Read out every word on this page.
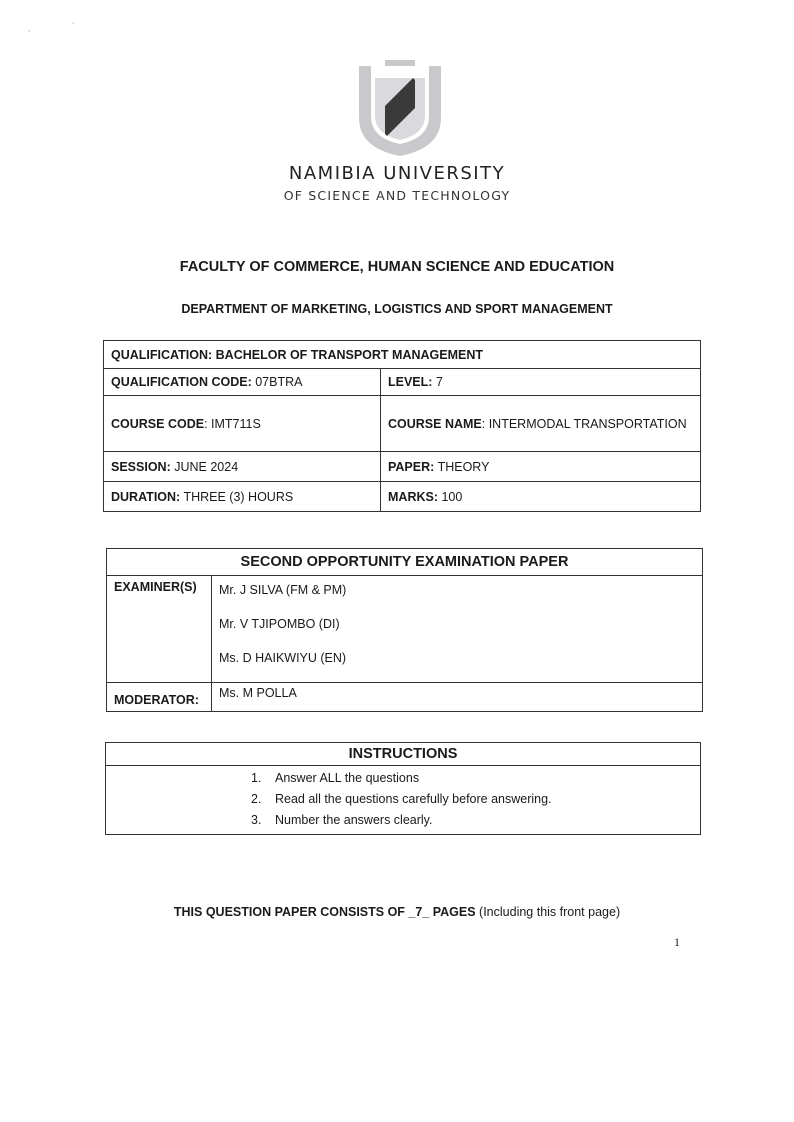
,	`
NAMIBIA UNIVERSITY
OF SCIENCE AND TECHNOLOGY
FACULTY OF COMMERCE, HUMAN SCIENCE AND EDUCATION
DEPARTMENT OF MARKETING, LOGISTICS AND SPORT MANAGEMENT
QUALIFICATION: BACHELOR OF TRANSPORT MANAGEMENT	
QUALIFICATION CODE: 07BTRA	LEVEL: 7
COURSE CODE: IMT711S	COURSE NAME: INTERMODAL TRANSPORTATION
SESSION: JUNE 2024	PAPER: THEORY
DURATION: THREE (3) HOURS	MARKS: 100
SECOND OPPORTUNITY EXAMINATION PAPER	
EXAMINER(S)	Mr. J SILVA (FM & PM)
Mr. V TJIPOMBO (DI)
Ms. D HAIKWIYU (EN)

MODERATOR:	Ms. M POLLA
INSTRUCTIONS

1. Answer ALL the questions
2. Read all the questions carefully before answering.
3. Number the answers clearly.
THIS QUESTION PAPER CONSISTS OF _7_ PAGES (Including this front page)
1
